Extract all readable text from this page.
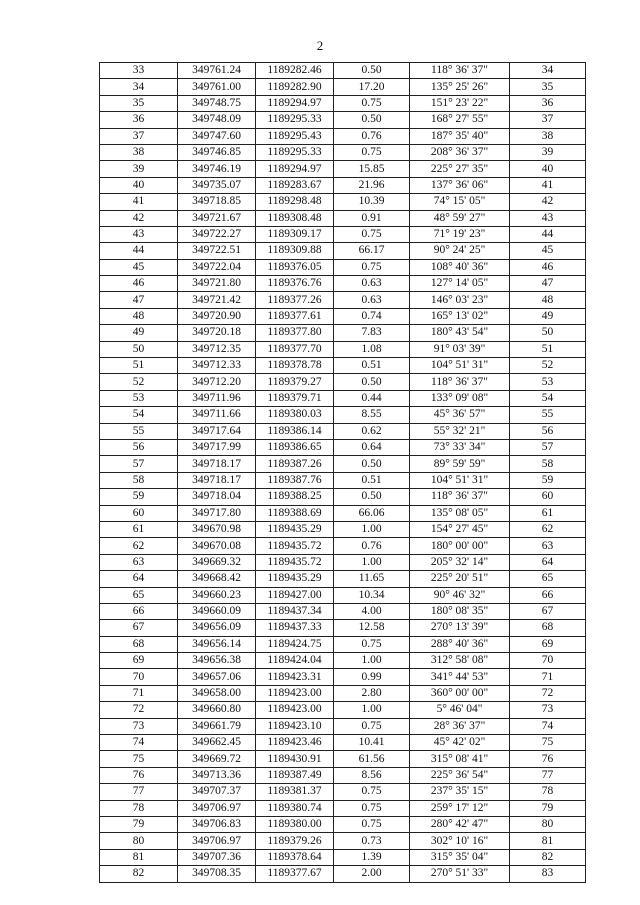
2
33	349761.24	1189282.46	0.50	118° 36' 37"	34
34	349761.00	1189282.90	17.20	135° 25' 26"	35
35	349748.75	1189294.97	0.75	151° 23' 22"	36
36	349748.09	1189295.33	0.50	168° 27' 55"	37
37	349747.60	1189295.43	0.76	187° 35' 40"	38
38	349746.85	1189295.33	0.75	208° 36' 37"	39
39	349746.19	1189294.97	15.85	225° 27' 35"	40
40	349735.07	1189283.67	21.96	137° 36' 06"	41
41	349718.85	1189298.48	10.39	74° 15' 05"	42
42	349721.67	1189308.48	0.91	48° 59' 27"	43
43	349722.27	1189309.17	0.75	71° 19' 23"	44
44	349722.51	1189309.88	66.17	90° 24' 25"	45
45	349722.04	1189376.05	0.75	108° 40' 36"	46
46	349721.80	1189376.76	0.63	127° 14' 05"	47
47	349721.42	1189377.26	0.63	146° 03' 23"	48
48	349720.90	1189377.61	0.74	165° 13' 02"	49
49	349720.18	1189377.80	7.83	180° 43' 54"	50
50	349712.35	1189377.70	1.08	91° 03' 39"	51
51	349712.33	1189378.78	0.51	104° 51' 31"	52
52	349712.20	1189379.27	0.50	118° 36' 37"	53
53	349711.96	1189379.71	0.44	133° 09' 08"	54
54	349711.66	1189380.03	8.55	45° 36' 57"	55
55	349717.64	1189386.14	0.62	55° 32' 21"	56
56	349717.99	1189386.65	0.64	73° 33' 34"	57
57	349718.17	1189387.26	0.50	89° 59' 59"	58
58	349718.17	1189387.76	0.51	104° 51' 31"	59
59	349718.04	1189388.25	0.50	118° 36' 37"	60
60	349717.80	1189388.69	66.06	135° 08' 05"	61
61	349670.98	1189435.29	1.00	154° 27' 45"	62
62	349670.08	1189435.72	0.76	180° 00' 00"	63
63	349669.32	1189435.72	1.00	205° 32' 14"	64
64	349668.42	1189435.29	11.65	225° 20' 51"	65
65	349660.23	1189427.00	10.34	90° 46' 32"	66
66	349660.09	1189437.34	4.00	180° 08' 35"	67
67	349656.09	1189437.33	12.58	270° 13' 39"	68
68	349656.14	1189424.75	0.75	288° 40' 36"	69
69	349656.38	1189424.04	1.00	312° 58' 08"	70
70	349657.06	1189423.31	0.99	341° 44' 53"	71
71	349658.00	1189423.00	2.80	360° 00' 00"	72
72	349660.80	1189423.00	1.00	5° 46' 04"	73
73	349661.79	1189423.10	0.75	28° 36' 37"	74
74	349662.45	1189423.46	10.41	45° 42' 02"	75
75	349669.72	1189430.91	61.56	315° 08' 41"	76
76	349713.36	1189387.49	8.56	225° 36' 54"	77
77	349707.37	1189381.37	0.75	237° 35' 15"	78
78	349706.97	1189380.74	0.75	259° 17' 12"	79
79	349706.83	1189380.00	0.75	280° 42' 47"	80
80	349706.97	1189379.26	0.73	302° 10' 16"	81
81	349707.36	1189378.64	1.39	315° 35' 04"	82
82	349708.35	1189377.67	2.00	270° 51' 33"	83
